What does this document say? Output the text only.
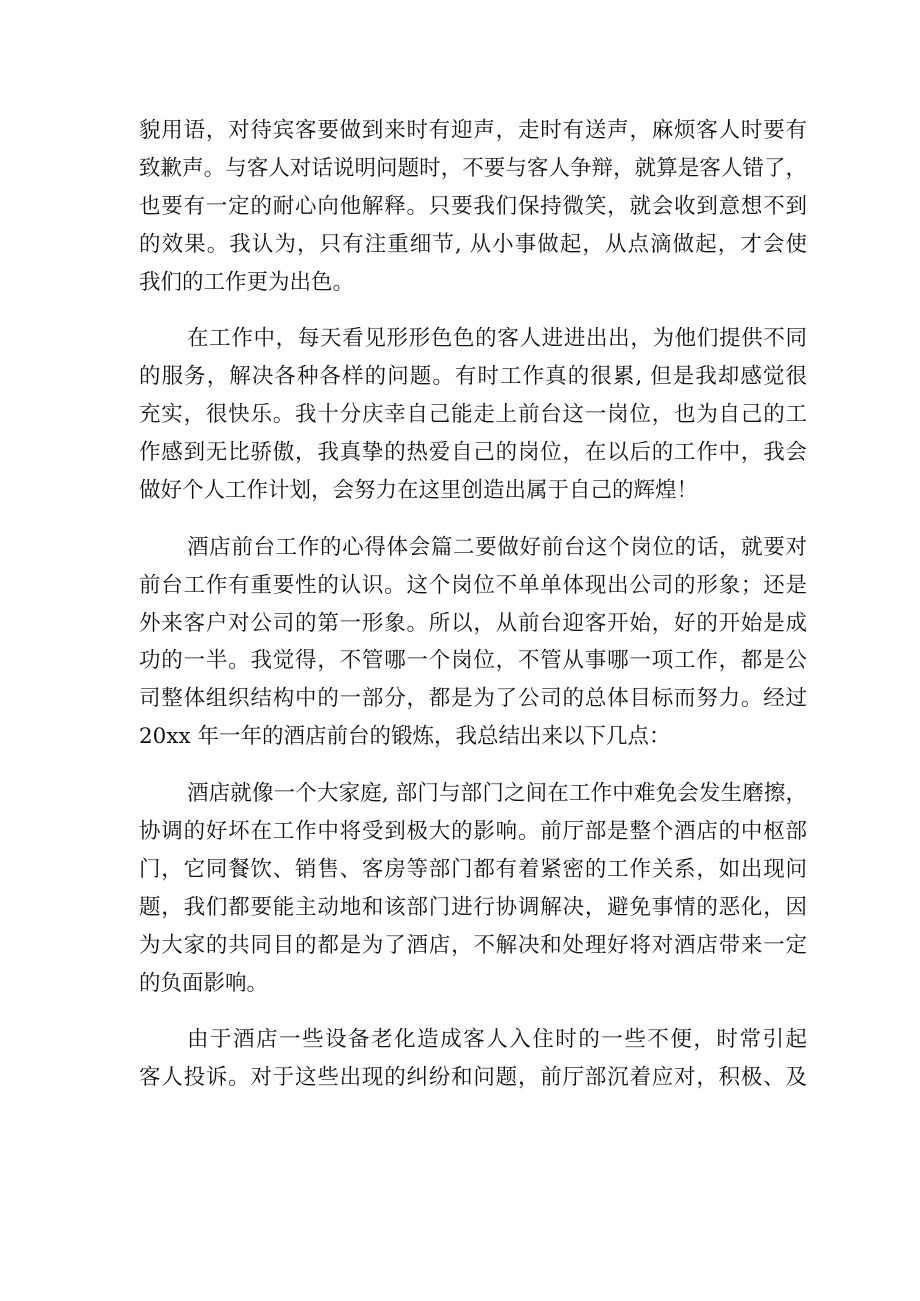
貌用语，对待宾客要做到来时有迎声，走时有送声，麻烦客人时要有
致歉声。与客人对话说明问题时，不要与客人争辩，就算是客人错了，
也要有一定的耐心向他解释。只要我们保持微笑，就会收到意想不到
的效果。我认为，只有注重细节, 从小事做起，从点滴做起，才会使
我们的工作更为出色。
在工作中，每天看见形形色色的客人进进出出，为他们提供不同
的服务，解决各种各样的问题。有时工作真的很累, 但是我却感觉很
充实，很快乐。我十分庆幸自己能走上前台这一岗位，也为自己的工
作感到无比骄傲，我真挚的热爱自己的岗位，在以后的工作中，我会
做好个人工作计划，会努力在这里创造出属于自己的辉煌！
酒店前台工作的心得体会篇二要做好前台这个岗位的话，就要对
前台工作有重要性的认识。这个岗位不单单体现出公司的形象；还是
外来客户对公司的第一形象。所以，从前台迎客开始，好的开始是成
功的一半。我觉得，不管哪一个岗位，不管从事哪一项工作，都是公
司整体组织结构中的一部分，都是为了公司的总体目标而努力。经过
20xx 年一年的酒店前台的锻炼，我总结出来以下几点：
酒店就像一个大家庭, 部门与部门之间在工作中难免会发生磨擦，
协调的好坏在工作中将受到极大的影响。前厅部是整个酒店的中枢部
门，它同餐饮、销售、客房等部门都有着紧密的工作关系，如出现问
题，我们都要能主动地和该部门进行协调解决，避免事情的恶化，因
为大家的共同目的都是为了酒店，不解决和处理好将对酒店带来一定
的负面影响。
由于酒店一些设备老化造成客人入住时的一些不便，时常引起
客人投诉。对于这些出现的纠纷和问题，前厅部沉着应对，积极、及
